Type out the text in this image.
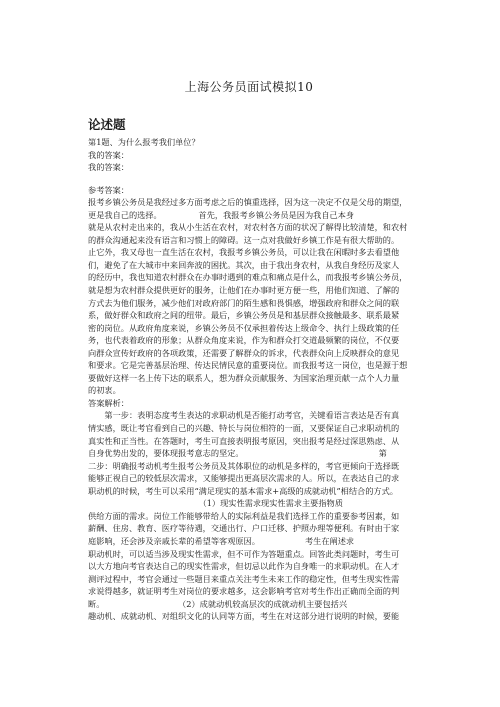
上海公务员面试模拟10
论述题

第1题、为什么报考我们单位？

我的答案：

我的答案：

参考答案：

报考乡镇公务员是我经过多方面考虑之后的慎重选择，因为这一决定不仅是父母的期望，

更是我自己的选择。　　　　　首先，我报考乡镇公务员是因为我自己本身

就是从农村走出来的，我从小生活在农村，对农村各方面的状况了解得比较清楚，和农村

的群众沟通起来没有语言和习惯上的障碍。这一点对我做好乡镇工作是有很大帮助的。

止它外，我又母也一直生活在农村，我报考乡镇公务员，可以让我在闲暇时多去看望他

们，避免了在大城市中来回奔波的困扰。其次，由于我出身农村，从我自身经历及家人

的经历中，我也知道农村群众在办事时遇到的难点和痛点是什么，而我报考乡镇公务员，

就是想为农村群众提供更好的服务，让他们在办事时更方便一些，用他们知道、了解的

方式去为他们服务，减少他们对政府部门的陌生感和畏惧感，增强政府和群众之间的联

系，做好群众和政府之间的纽带。最后，乡镇公务员是和基层群众接触最多、联系最紧

密的岗位。从政府角度来说，乡镇公务员不仅承担着传达上级命令、执行上级政策的任

务，也代表着政府的形象；从群众角度来说，作为和群众打交道最频繁的岗位，不仅要

向群众宣传好政府的各项政策，还需要了解群众的诉求，代表群众向上反映群众的意见

和要求。它是完善基层治理、传达民情民意的重要岗位。而我报考这一岗位，也是源于想

要做好这样一名上传下达的联系人，想为群众贡献服务、为国家治理贡献一点个人力量

的初衷。

答案解析：

　　第一步：表明态度考生表达的求职动机是否能打动考官，关键看语言表达是否有真

情实感，既让考官看到自己的兴趣、特长与岗位相符的一面，又要保证自己求职动机的

真实性和正当性。在答题时，考生可直接表明报考原因，突出报考是经过深思熟虑、从

自身优势出发的，要体现报考意志的坚定。　　　　　　　　　　　　　　　　　第

二步：明确报考动机考生报考公务员及其体职位的动机是多样的，考官更倾向于选择既

能够正视自己的较低层次需求，又能够提出更高层次需求的人。所以，在表达自己的求

职动机的时候，考生可以采用“满足现实的基本需求+高级的成就动机”相结合的方式。

　　　　　　　　　　　　　　（1）现实性需求现实性需求主要指物质

供给方面的需求。岗位工作能够带给人的实际利益是我们选择工作的重要参考因素，如

薪酬、住房、教育、医疗等待遇，交通出行、户口迁移、护照办理等便利。有时由于家

庭影响，还会涉及亲戚长辈的希望等客观原因。　　　　　　考生在阐述求

职动机时，可以适当涉及现实性需求，但不可作为答题重点。回答此类问题时，考生可

以大方地向考官表达自己的现实性需求，但切忌以此作为自身唯一的求职动机。在人才

测评过程中，考官会通过一些题目来重点关注考生未来工作的稳定性，但考生现实性需

求说得越多，就证明考生对岗位的要求越多，这会影响考官对考生作出正确而全面的判

断。　　　　　　　　　　（2）成就动机较高层次的成就动机主要包括兴

趣动机、成就动机、对组织文化的认同等方面，考生在对这部分进行说明的时候，要能
